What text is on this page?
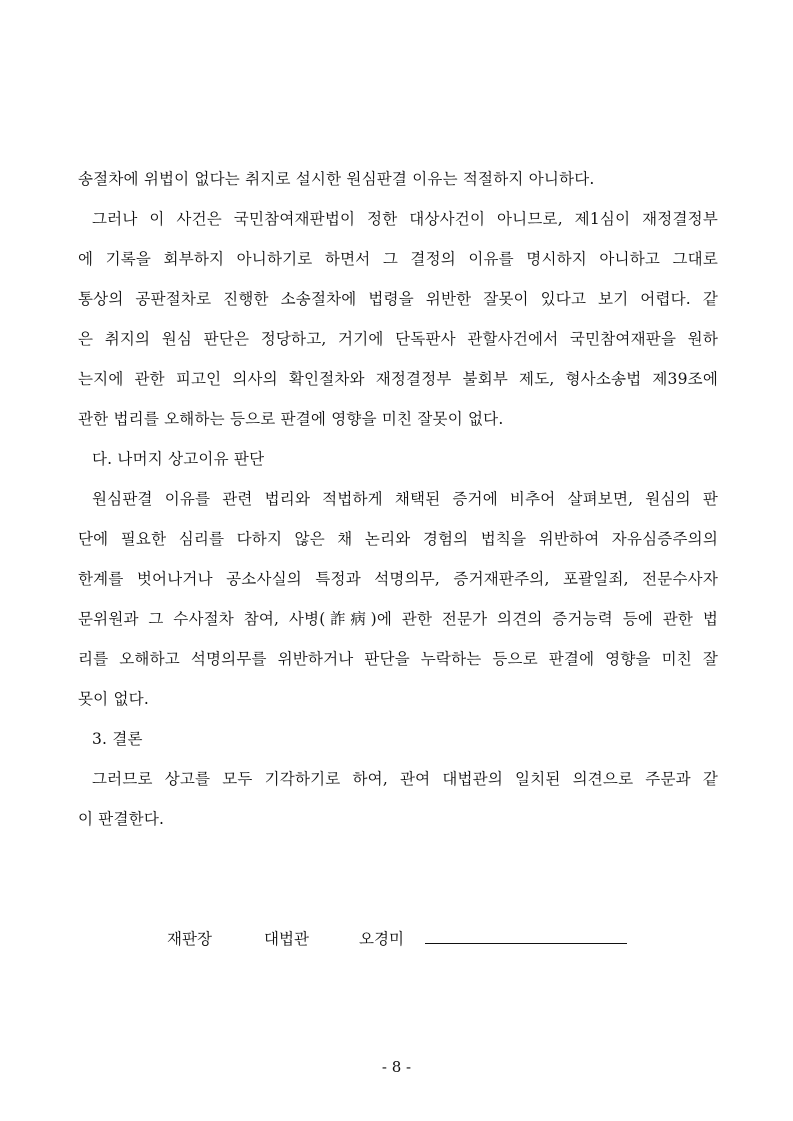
송절차에 위법이 없다는 취지로 설시한 원심판결 이유는 적절하지 아니하다.
그러나 이 사건은 국민참여재판법이 정한 대상사건이 아니므로, 제1심이 재정결정부
에 기록을 회부하지 아니하기로 하면서 그 결정의 이유를 명시하지 아니하고 그대로
통상의 공판절차로 진행한 소송절차에 법령을 위반한 잘못이 있다고 보기 어렵다. 같
은 취지의 원심 판단은 정당하고, 거기에 단독판사 관할사건에서 국민참여재판을 원하
는지에 관한 피고인 의사의 확인절차와 재정결정부 불회부 제도, 형사소송법 제39조에
관한 법리를 오해하는 등으로 판결에 영향을 미친 잘못이 없다.
다. 나머지 상고이유 판단
원심판결 이유를 관련 법리와 적법하게 채택된 증거에 비추어 살펴보면, 원심의 판
단에 필요한 심리를 다하지 않은 채 논리와 경험의 법칙을 위반하여 자유심증주의의
한계를 벗어나거나 공소사실의 특정과 석명의무, 증거재판주의, 포괄일죄, 전문수사자
문위원과 그 수사절차 참여, 사병(詐病)에 관한 전문가 의견의 증거능력 등에 관한 법
리를 오해하고 석명의무를 위반하거나 판단을 누락하는 등으로 판결에 영향을 미친 잘
못이 없다.
3. 결론
그러므로 상고를 모두 기각하기로 하여, 관여 대법관의 일치된 의견으로 주문과 같
이 판결한다.
재판장	대법관	오경미
- 8 -
